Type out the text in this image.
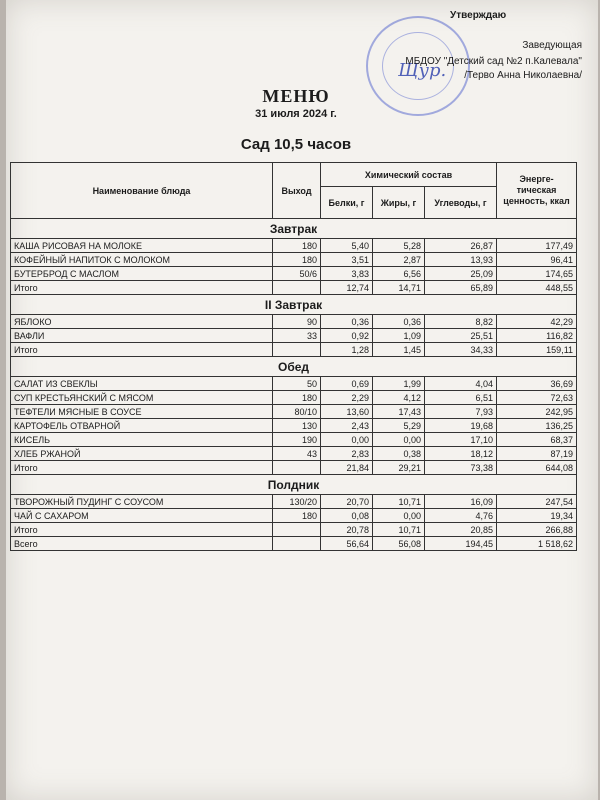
Щур.
Утверждаю
Заведующая
МБДОУ "Детский сад №2 п.Калевала"
/Терво Анна Николаевна/
МЕНЮ
31 июля 2024 г.
Сад 10,5 часов
Наименование блюда	Выход	Химический состав			Энерге-тическая ценность, ккал
		Белки, г	Жиры, г	Углеводы, г	
Завтрак					
КАША РИСОВАЯ НА МОЛОКЕ	180	5,40	5,28	26,87	177,49
КОФЕЙНЫЙ НАПИТОК С МОЛОКОМ	180	3,51	2,87	13,93	96,41
БУТЕРБРОД С МАСЛОМ	50/6	3,83	6,56	25,09	174,65
Итого		12,74	14,71	65,89	448,55
II Завтрак					
ЯБЛОКО	90	0,36	0,36	8,82	42,29
ВАФЛИ	33	0,92	1,09	25,51	116,82
Итого		1,28	1,45	34,33	159,11
Обед					
САЛАТ ИЗ СВЕКЛЫ	50	0,69	1,99	4,04	36,69
СУП КРЕСТЬЯНСКИЙ С МЯСОМ	180	2,29	4,12	6,51	72,63
ТЕФТЕЛИ МЯСНЫЕ В СОУСЕ	80/10	13,60	17,43	7,93	242,95
КАРТОФЕЛЬ ОТВАРНОЙ	130	2,43	5,29	19,68	136,25
КИСЕЛЬ	190	0,00	0,00	17,10	68,37
ХЛЕБ РЖАНОЙ	43	2,83	0,38	18,12	87,19
Итого		21,84	29,21	73,38	644,08
Полдник					
ТВОРОЖНЫЙ ПУДИНГ С СОУСОМ	130/20	20,70	10,71	16,09	247,54
ЧАЙ С САХАРОМ	180	0,08	0,00	4,76	19,34
Итого		20,78	10,71	20,85	266,88
Всего		56,64	56,08	194,45	1 518,62
